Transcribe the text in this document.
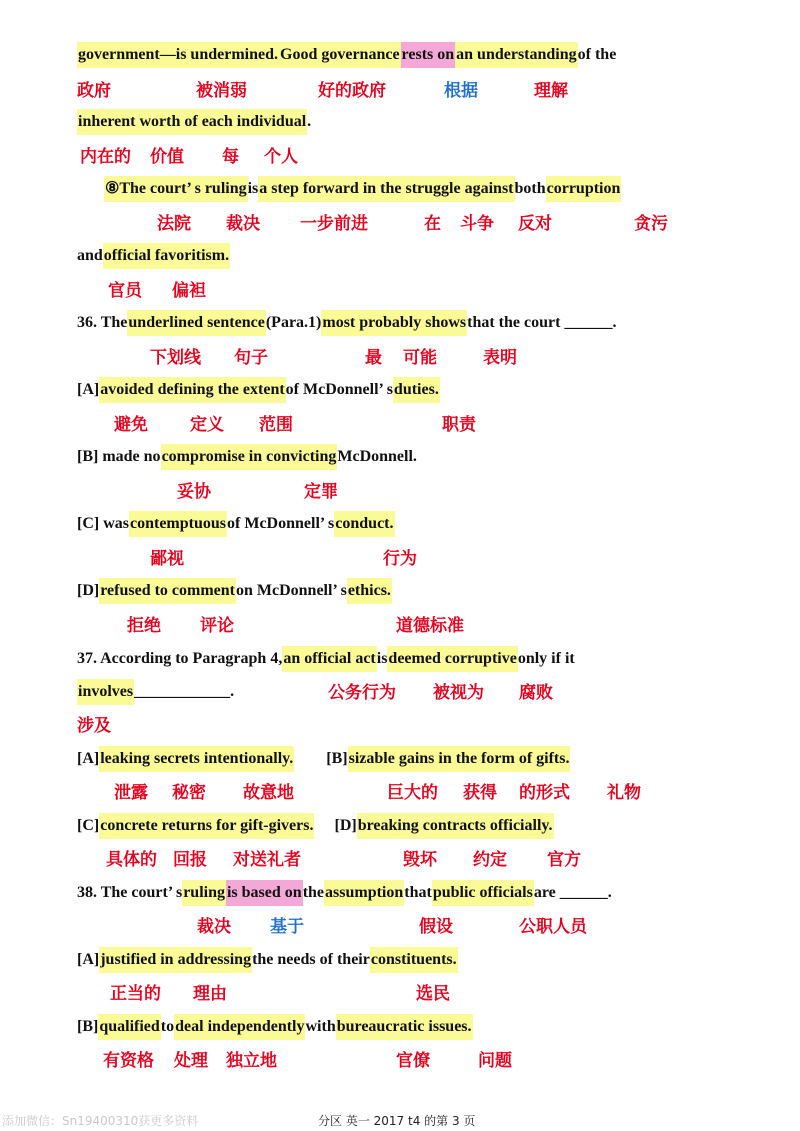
government—is undermined. Good governance rests on an understandingof the
inherent worth of each individual.
⑧The court’ s rulingisa step forward in the struggle againstbothcorruption
andofficial favoritism.
36. Theunderlined sentence(Para.1)most probably showsthat the court ______.
[A]avoided defining the extentof McDonnell’ sduties.
[B] made nocompromise in convictingMcDonnell.
[C] wascontemptuousof McDonnell’ sconduct.
[D]refused to commenton McDonnell’ sethics.
37. According to Paragraph 4,an official actisdeemed corruptiveonly if it
involves____________.
[A]leaking secrets intentionally.        [B]sizable gains in the form of gifts.
[C]concrete returns for gift-givers.     [D]breaking contracts officially.
38. The court’ sruling is based ontheassumptionthatpublic officialsare ______.
[A]justified in addressingthe needs of theirconstituents.
[B]qualifiedtodeal independentlywithbureaucratic issues.
政府	被消弱	好的政府	根据	理解
内在的 价值 每 个人
法院 裁决 一步前进	在 斗争 反对	贪污
官员 偏袒
下划线 句子	最 可能	表明
避免 定义 范围	职责
妥协	定罪
鄙视	行为
拒绝 评论	道德标准
公务行为 被视为 腐败
涉及
泄露 秘密 故意地	巨大的 获得 的形式 礼物
具体的 回报 对送礼者	毁坏 约定 官方
裁决 基于	假设	公职人员
正当的 理由	选民
有资格 处理 独立地	官僚	问题
添加微信：Sn19400310获更多资料	分区 英一 2017 t4 的第 3 页
